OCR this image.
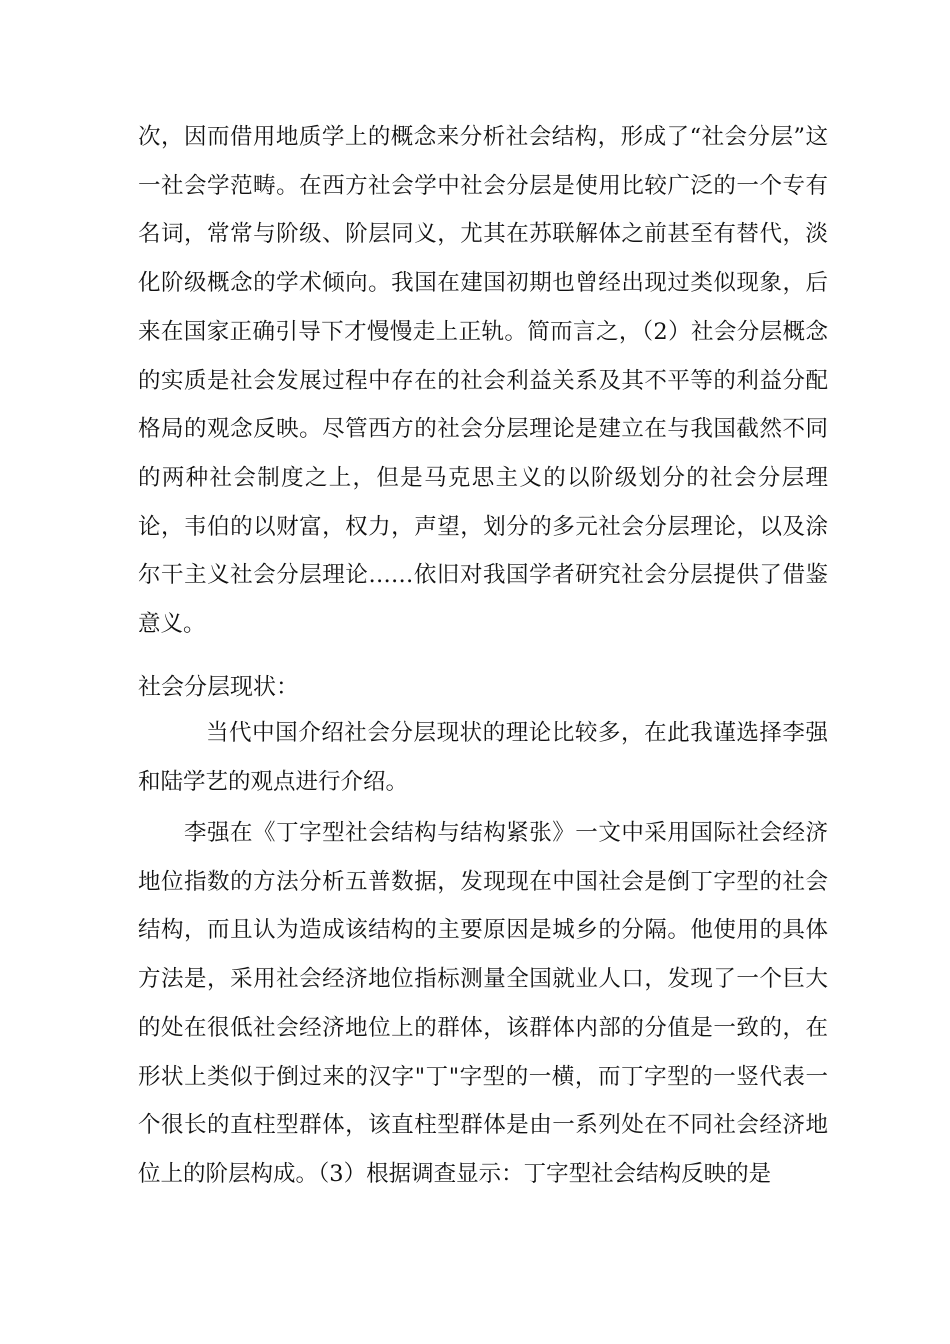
次，因而借用地质学上的概念来分析社会结构，形成了“社会分层”这一社会学范畴。在西方社会学中社会分层是使用比较广泛的一个专有名词，常常与阶级、阶层同义，尤其在苏联解体之前甚至有替代，淡化阶级概念的学术倾向。我国在建国初期也曾经出现过类似现象，后来在国家正确引导下才慢慢走上正轨。简而言之，（2）社会分层概念的实质是社会发展过程中存在的社会利益关系及其不平等的利益分配格局的观念反映。尽管西方的社会分层理论是建立在与我国截然不同的两种社会制度之上，但是马克思主义的以阶级划分的社会分层理论，韦伯的以财富，权力，声望，划分的多元社会分层理论，以及涂尔干主义社会分层理论……依旧对我国学者研究社会分层提供了借鉴意义。
社会分层现状：
当代中国介绍社会分层现状的理论比较多，在此我谨选择李强和陆学艺的观点进行介绍。
李强在《丁字型社会结构与结构紧张》一文中采用国际社会经济地位指数的方法分析五普数据，发现现在中国社会是倒丁字型的社会结构，而且认为造成该结构的主要原因是城乡的分隔。他使用的具体方法是，采用社会经济地位指标测量全国就业人口，发现了一个巨大的处在很低社会经济地位上的群体，该群体内部的分值是一致的，在形状上类似于倒过来的汉字"丁"字型的一横，而丁字型的一竖代表一个很长的直柱型群体，该直柱型群体是由一系列处在不同社会经济地位上的阶层构成。（3）根据调查显示：丁字型社会结构反映的是
